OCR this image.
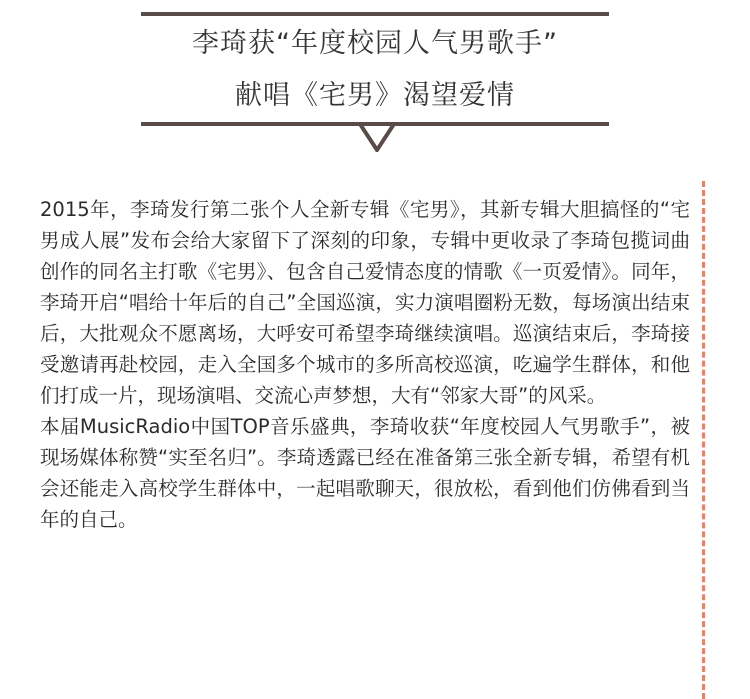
李琦获“年度校园人气男歌手”
献唱《宅男》渴望爱情

2015年，李琦发行第二张个人全新专辑《宅男》，其新专辑大胆搞怪的“宅男成人展”发布会给大家留下了深刻的印象，专辑中更收录了李琦包揽词曲创作的同名主打歌《宅男》、包含自己爱情态度的情歌《一页爱情》。同年，李琦开启“唱给十年后的自己”全国巡演，实力演唱圈粉无数，每场演出结束后，大批观众不愿离场，大呼安可希望李琦继续演唱。巡演结束后，李琦接受邀请再赴校园，走入全国多个城市的多所高校巡演，吃遍学生群体，和他们打成一片，现场演唱、交流心声梦想，大有“邻家大哥”的风采。

本届MusicRadio中国TOP音乐盛典，李琦收获“年度校园人气男歌手”，被现场媒体称赞“实至名归”。李琦透露已经在准备第三张全新专辑，希望有机会还能走入高校学生群体中，一起唱歌聊天，很放松，看到他们仿佛看到当年的自己。
